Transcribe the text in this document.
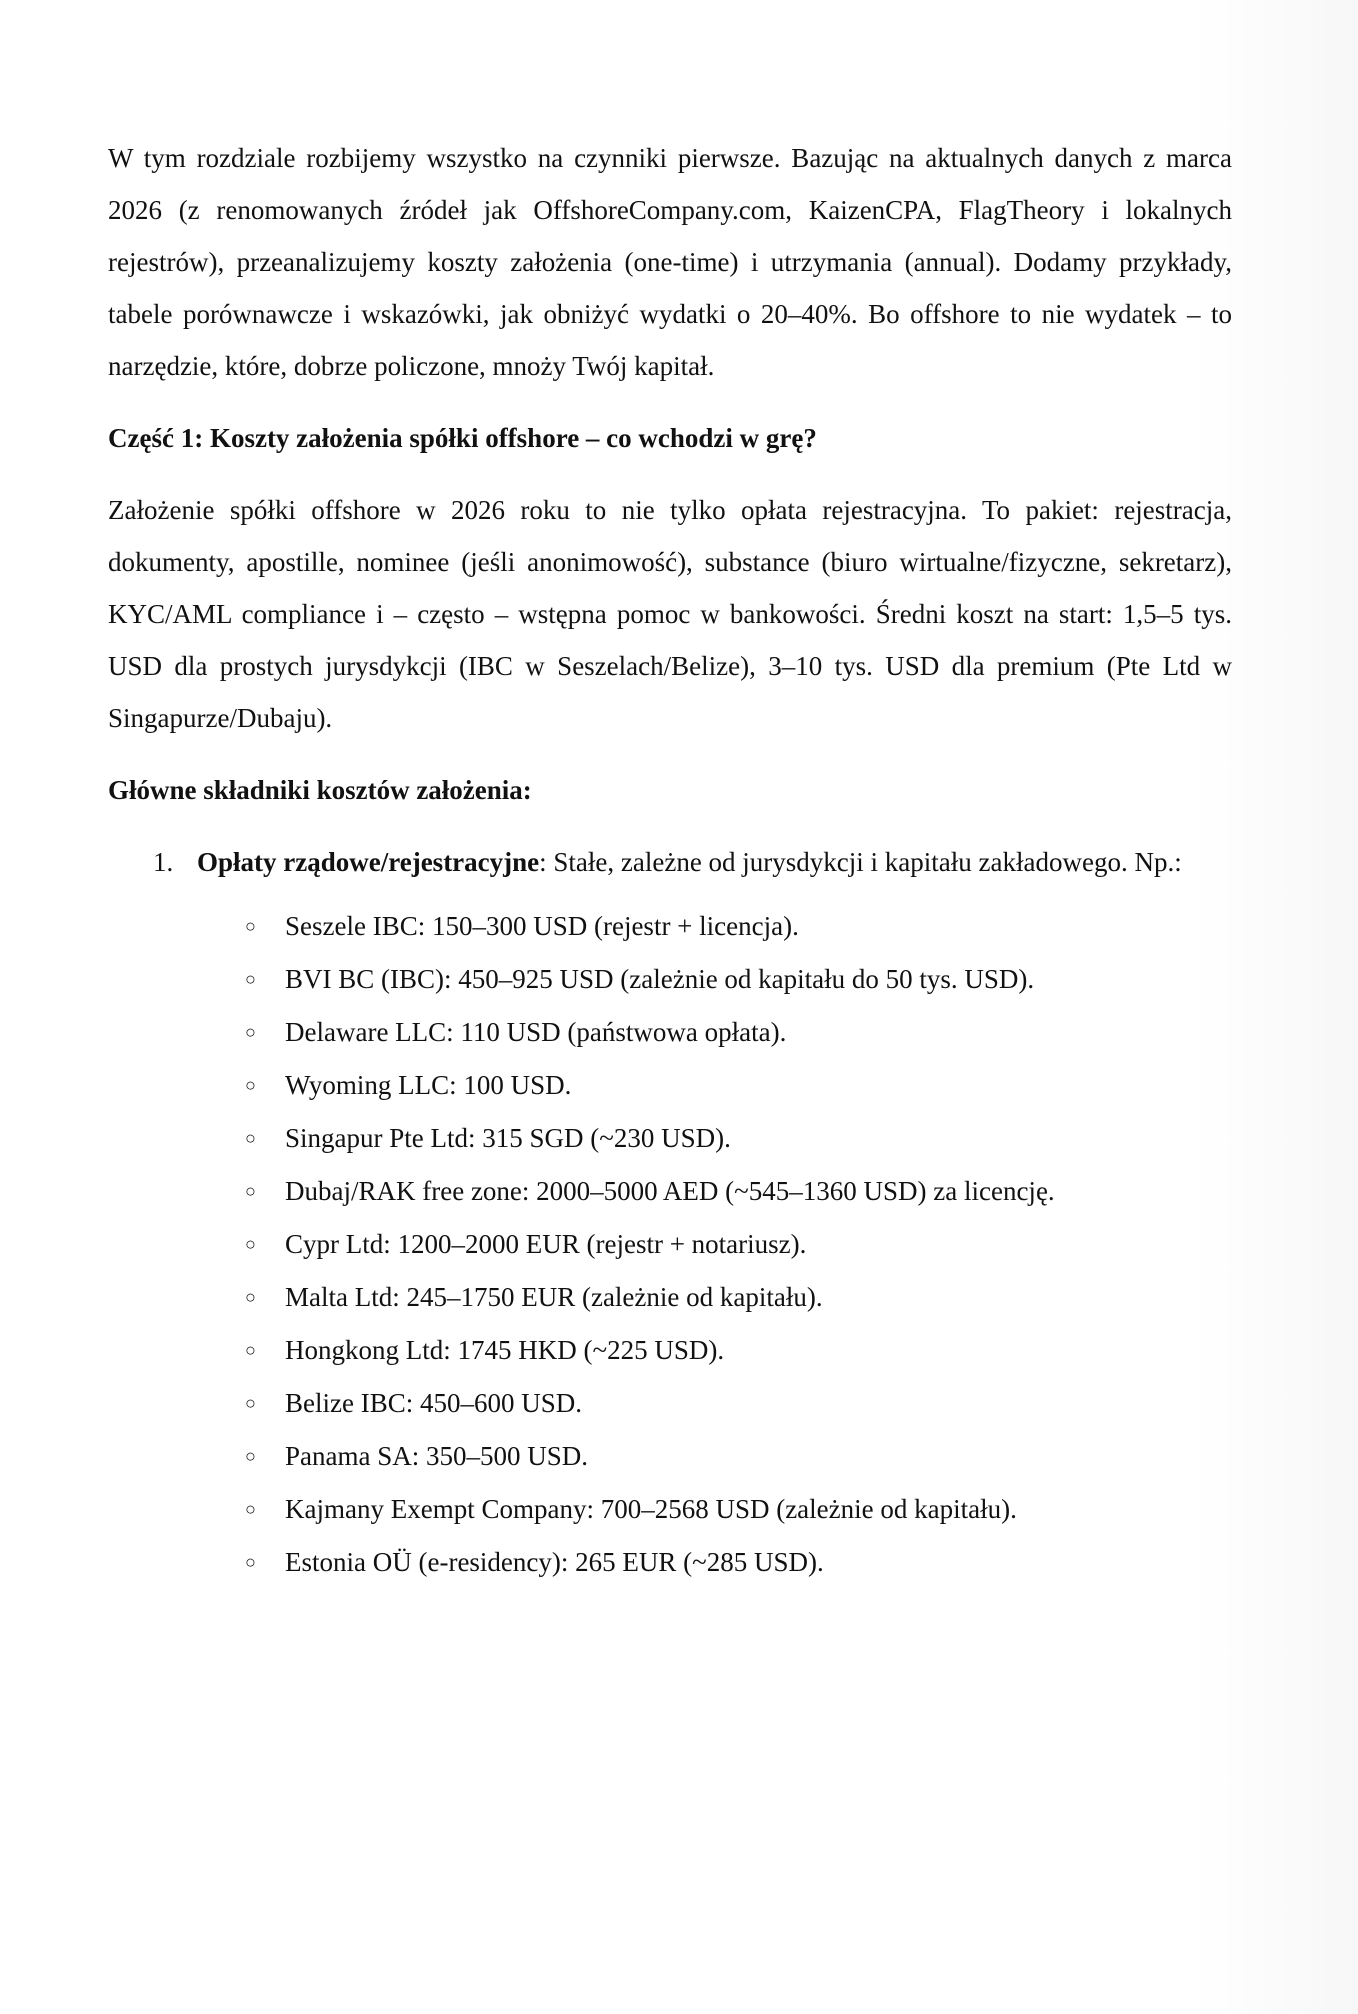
W tym rozdziale rozbijemy wszystko na czynniki pierwsze. Bazując na aktualnych danych z marca 2026 (z renomowanych źródeł jak OffshoreCompany.com, KaizenCPA, FlagTheory i lokalnych rejestrów), przeanalizujemy koszty założenia (one-time) i utrzymania (annual). Dodamy przykłady, tabele porównawcze i wskazówki, jak obniżyć wydatki o 20–40%. Bo offshore to nie wydatek – to narzędzie, które, dobrze policzone, mnoży Twój kapitał.

Część 1: Koszty założenia spółki offshore – co wchodzi w grę?

Założenie spółki offshore w 2026 roku to nie tylko opłata rejestracyjna. To pakiet: rejestracja, dokumenty, apostille, nominee (jeśli anonimowość), substance (biuro wirtualne/fizyczne, sekretarz), KYC/AML compliance i – często – wstępna pomoc w bankowości. Średni koszt na start: 1,5–5 tys. USD dla prostych jurysdykcji (IBC w Seszelach/Belize), 3–10 tys. USD dla premium (Pte Ltd w Singapurze/Dubaju).

Główne składniki kosztów założenia:

1. Opłaty rządowe/rejestracyjne: Stałe, zależne od jurysdykcji i kapitału zakładowego. Np.:

○ Seszele IBC: 150–300 USD (rejestr + licencja).
○ BVI BC (IBC): 450–925 USD (zależnie od kapitału do 50 tys. USD).
○ Delaware LLC: 110 USD (państwowa opłata).
○ Wyoming LLC: 100 USD.
○ Singapur Pte Ltd: 315 SGD (~230 USD).
○ Dubaj/RAK free zone: 2000–5000 AED (~545–1360 USD) za licencję.
○ Cypr Ltd: 1200–2000 EUR (rejestr + notariusz).
○ Malta Ltd: 245–1750 EUR (zależnie od kapitału).
○ Hongkong Ltd: 1745 HKD (~225 USD).
○ Belize IBC: 450–600 USD.
○ Panama SA: 350–500 USD.
○ Kajmany Exempt Company: 700–2568 USD (zależnie od kapitału).
○ Estonia OÜ (e-residency): 265 EUR (~285 USD).
